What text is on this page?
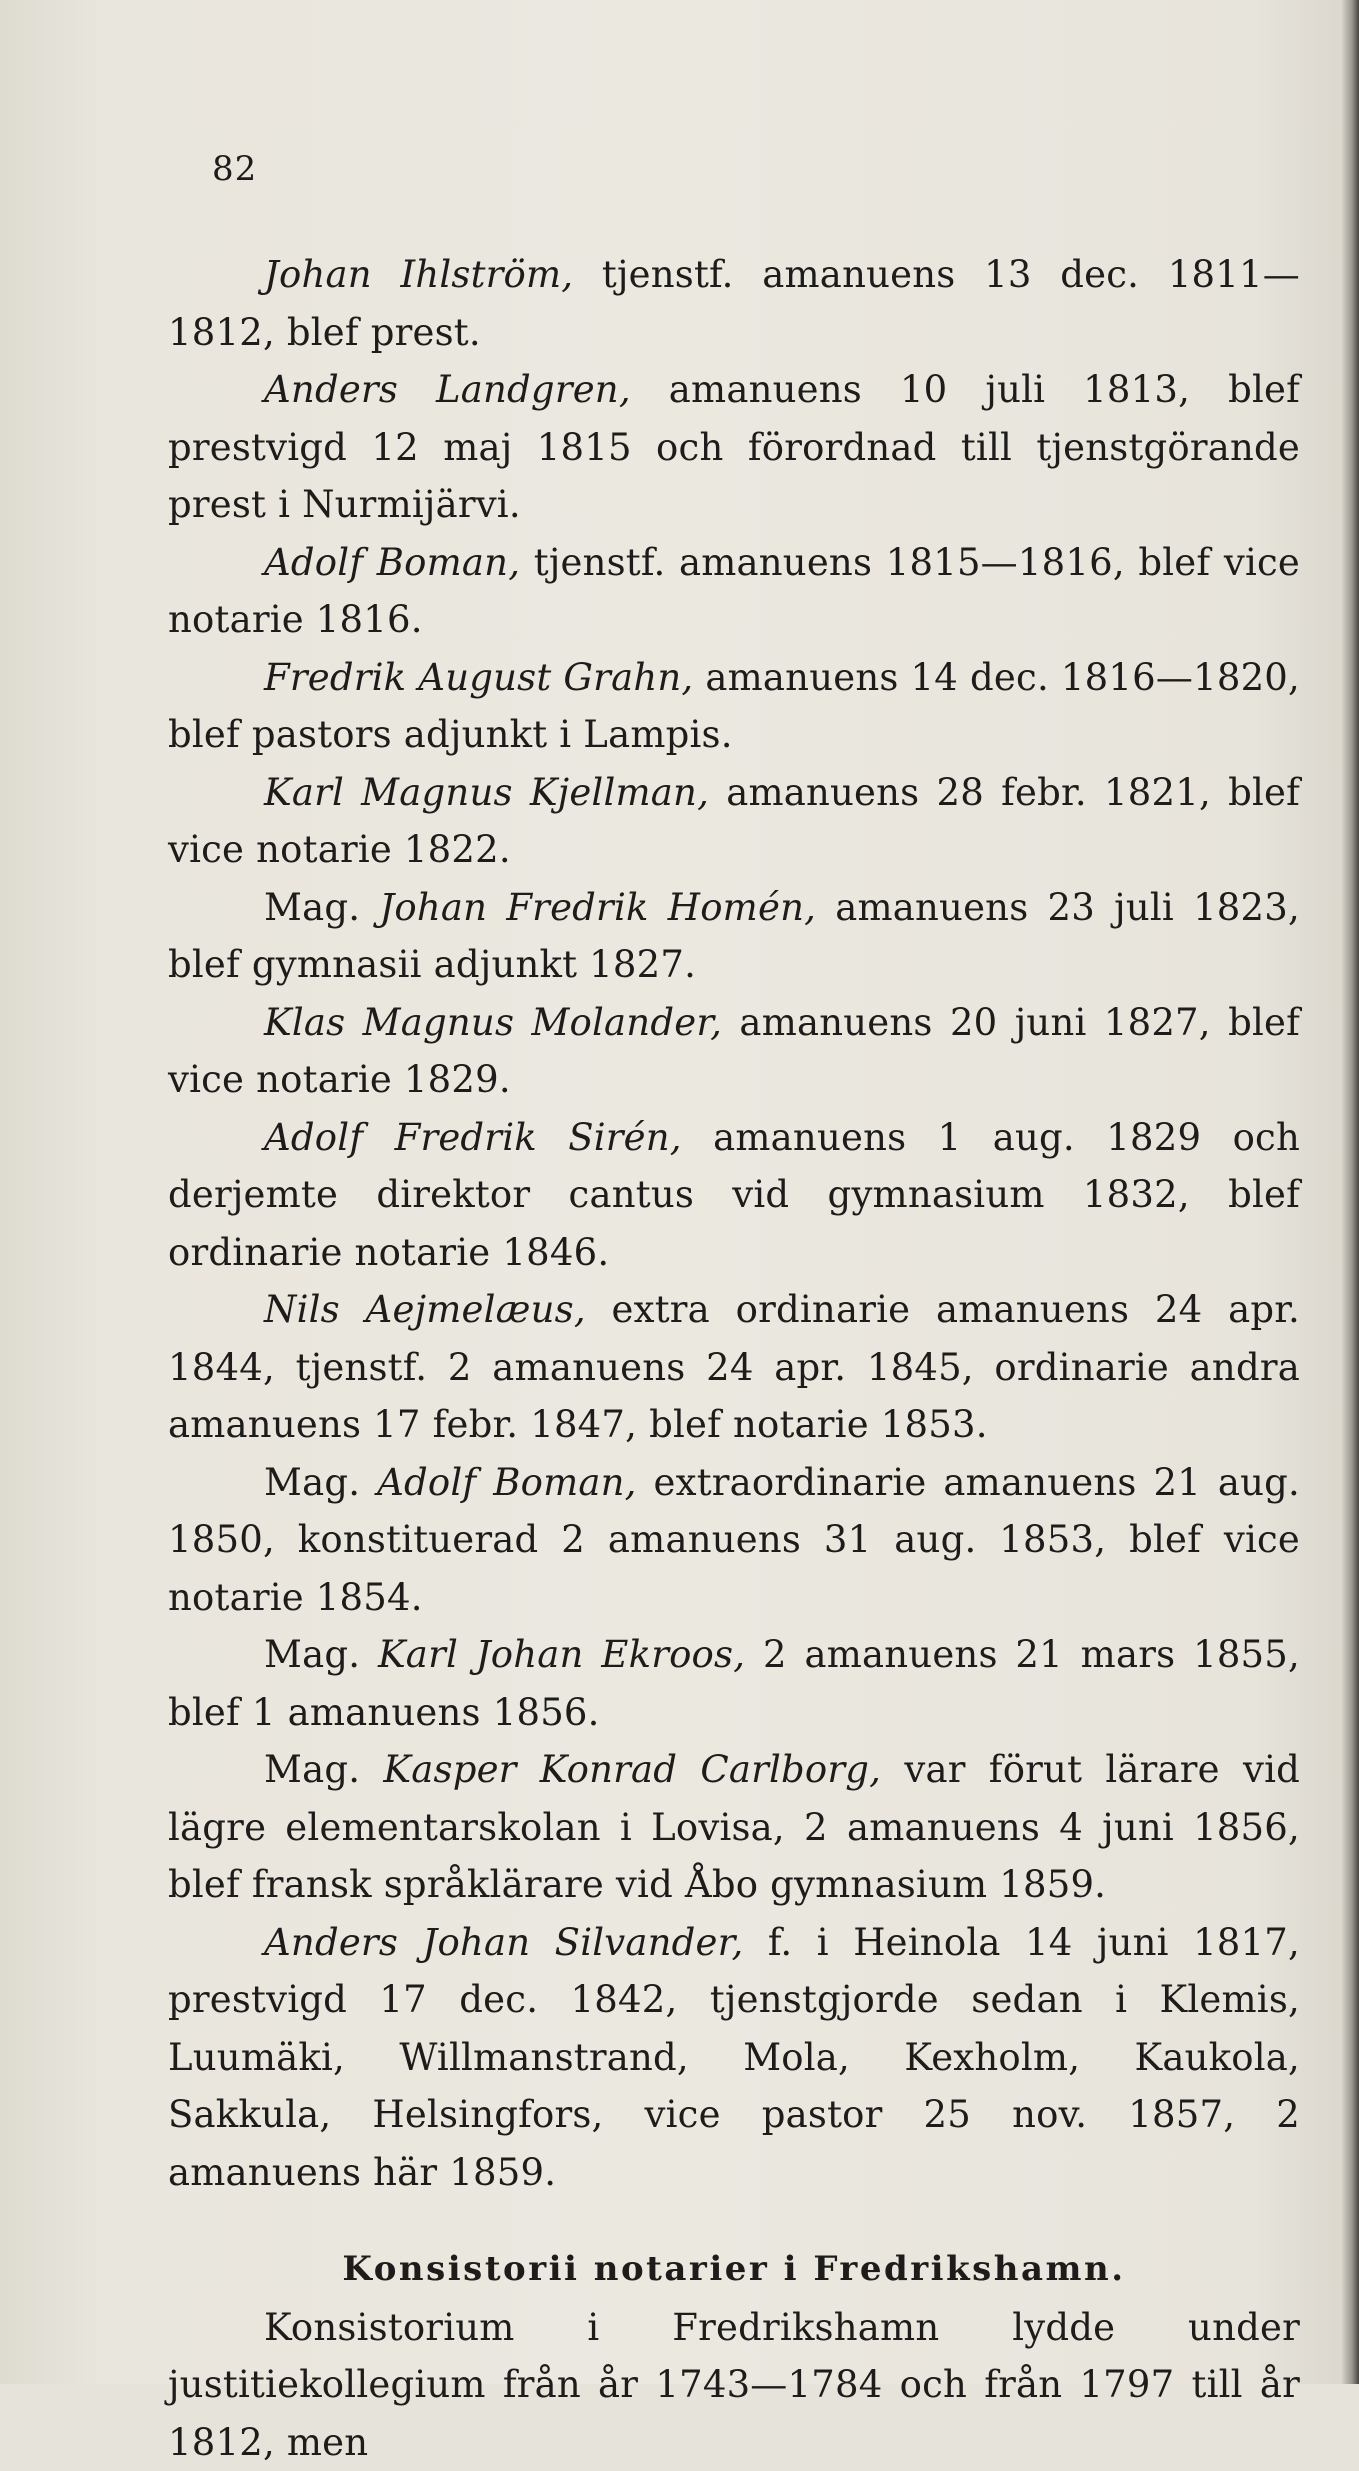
82

Johan Ihlström, tjenstf. amanuens 13 dec. 1811—1812, blef prest.

Anders Landgren, amanuens 10 juli 1813, blef prestvigd 12 maj 1815 och förordnad till tjenstgörande prest i Nurmijärvi.

Adolf Boman, tjenstf. amanuens 1815—1816, blef vice notarie 1816.

Fredrik August Grahn, amanuens 14 dec. 1816—1820, blef pastors adjunkt i Lampis.

Karl Magnus Kjellman, amanuens 28 febr. 1821, blef vice notarie 1822.

Mag. Johan Fredrik Homén, amanuens 23 juli 1823, blef gymnasii adjunkt 1827.

Klas Magnus Molander, amanuens 20 juni 1827, blef vice notarie 1829.

Adolf Fredrik Sirén, amanuens 1 aug. 1829 och derjemte direktor cantus vid gymnasium 1832, blef ordinarie notarie 1846.

Nils Aejmelæus, extra ordinarie amanuens 24 apr. 1844, tjenstf. 2 amanuens 24 apr. 1845, ordinarie andra amanuens 17 febr. 1847, blef notarie 1853.

Mag. Adolf Boman, extraordinarie amanuens 21 aug. 1850, konstituerad 2 amanuens 31 aug. 1853, blef vice notarie 1854.

Mag. Karl Johan Ekroos, 2 amanuens 21 mars 1855, blef 1 amanuens 1856.

Mag. Kasper Konrad Carlborg, var förut lärare vid lägre elementarskolan i Lovisa, 2 amanuens 4 juni 1856, blef fransk språklärare vid Åbo gymnasium 1859.

Anders Johan Silvander, f. i Heinola 14 juni 1817, prestvigd 17 dec. 1842, tjenstgjorde sedan i Klemis, Luumäki, Willmanstrand, Mola, Kexholm, Kaukola, Sakkula, Helsingfors, vice pastor 25 nov. 1857, 2 amanuens här 1859.

Konsistorii notarier i Fredrikshamn.

Konsistorium i Fredrikshamn lydde under justitiekollegium från år 1743—1784 och från 1797 till år 1812, men
